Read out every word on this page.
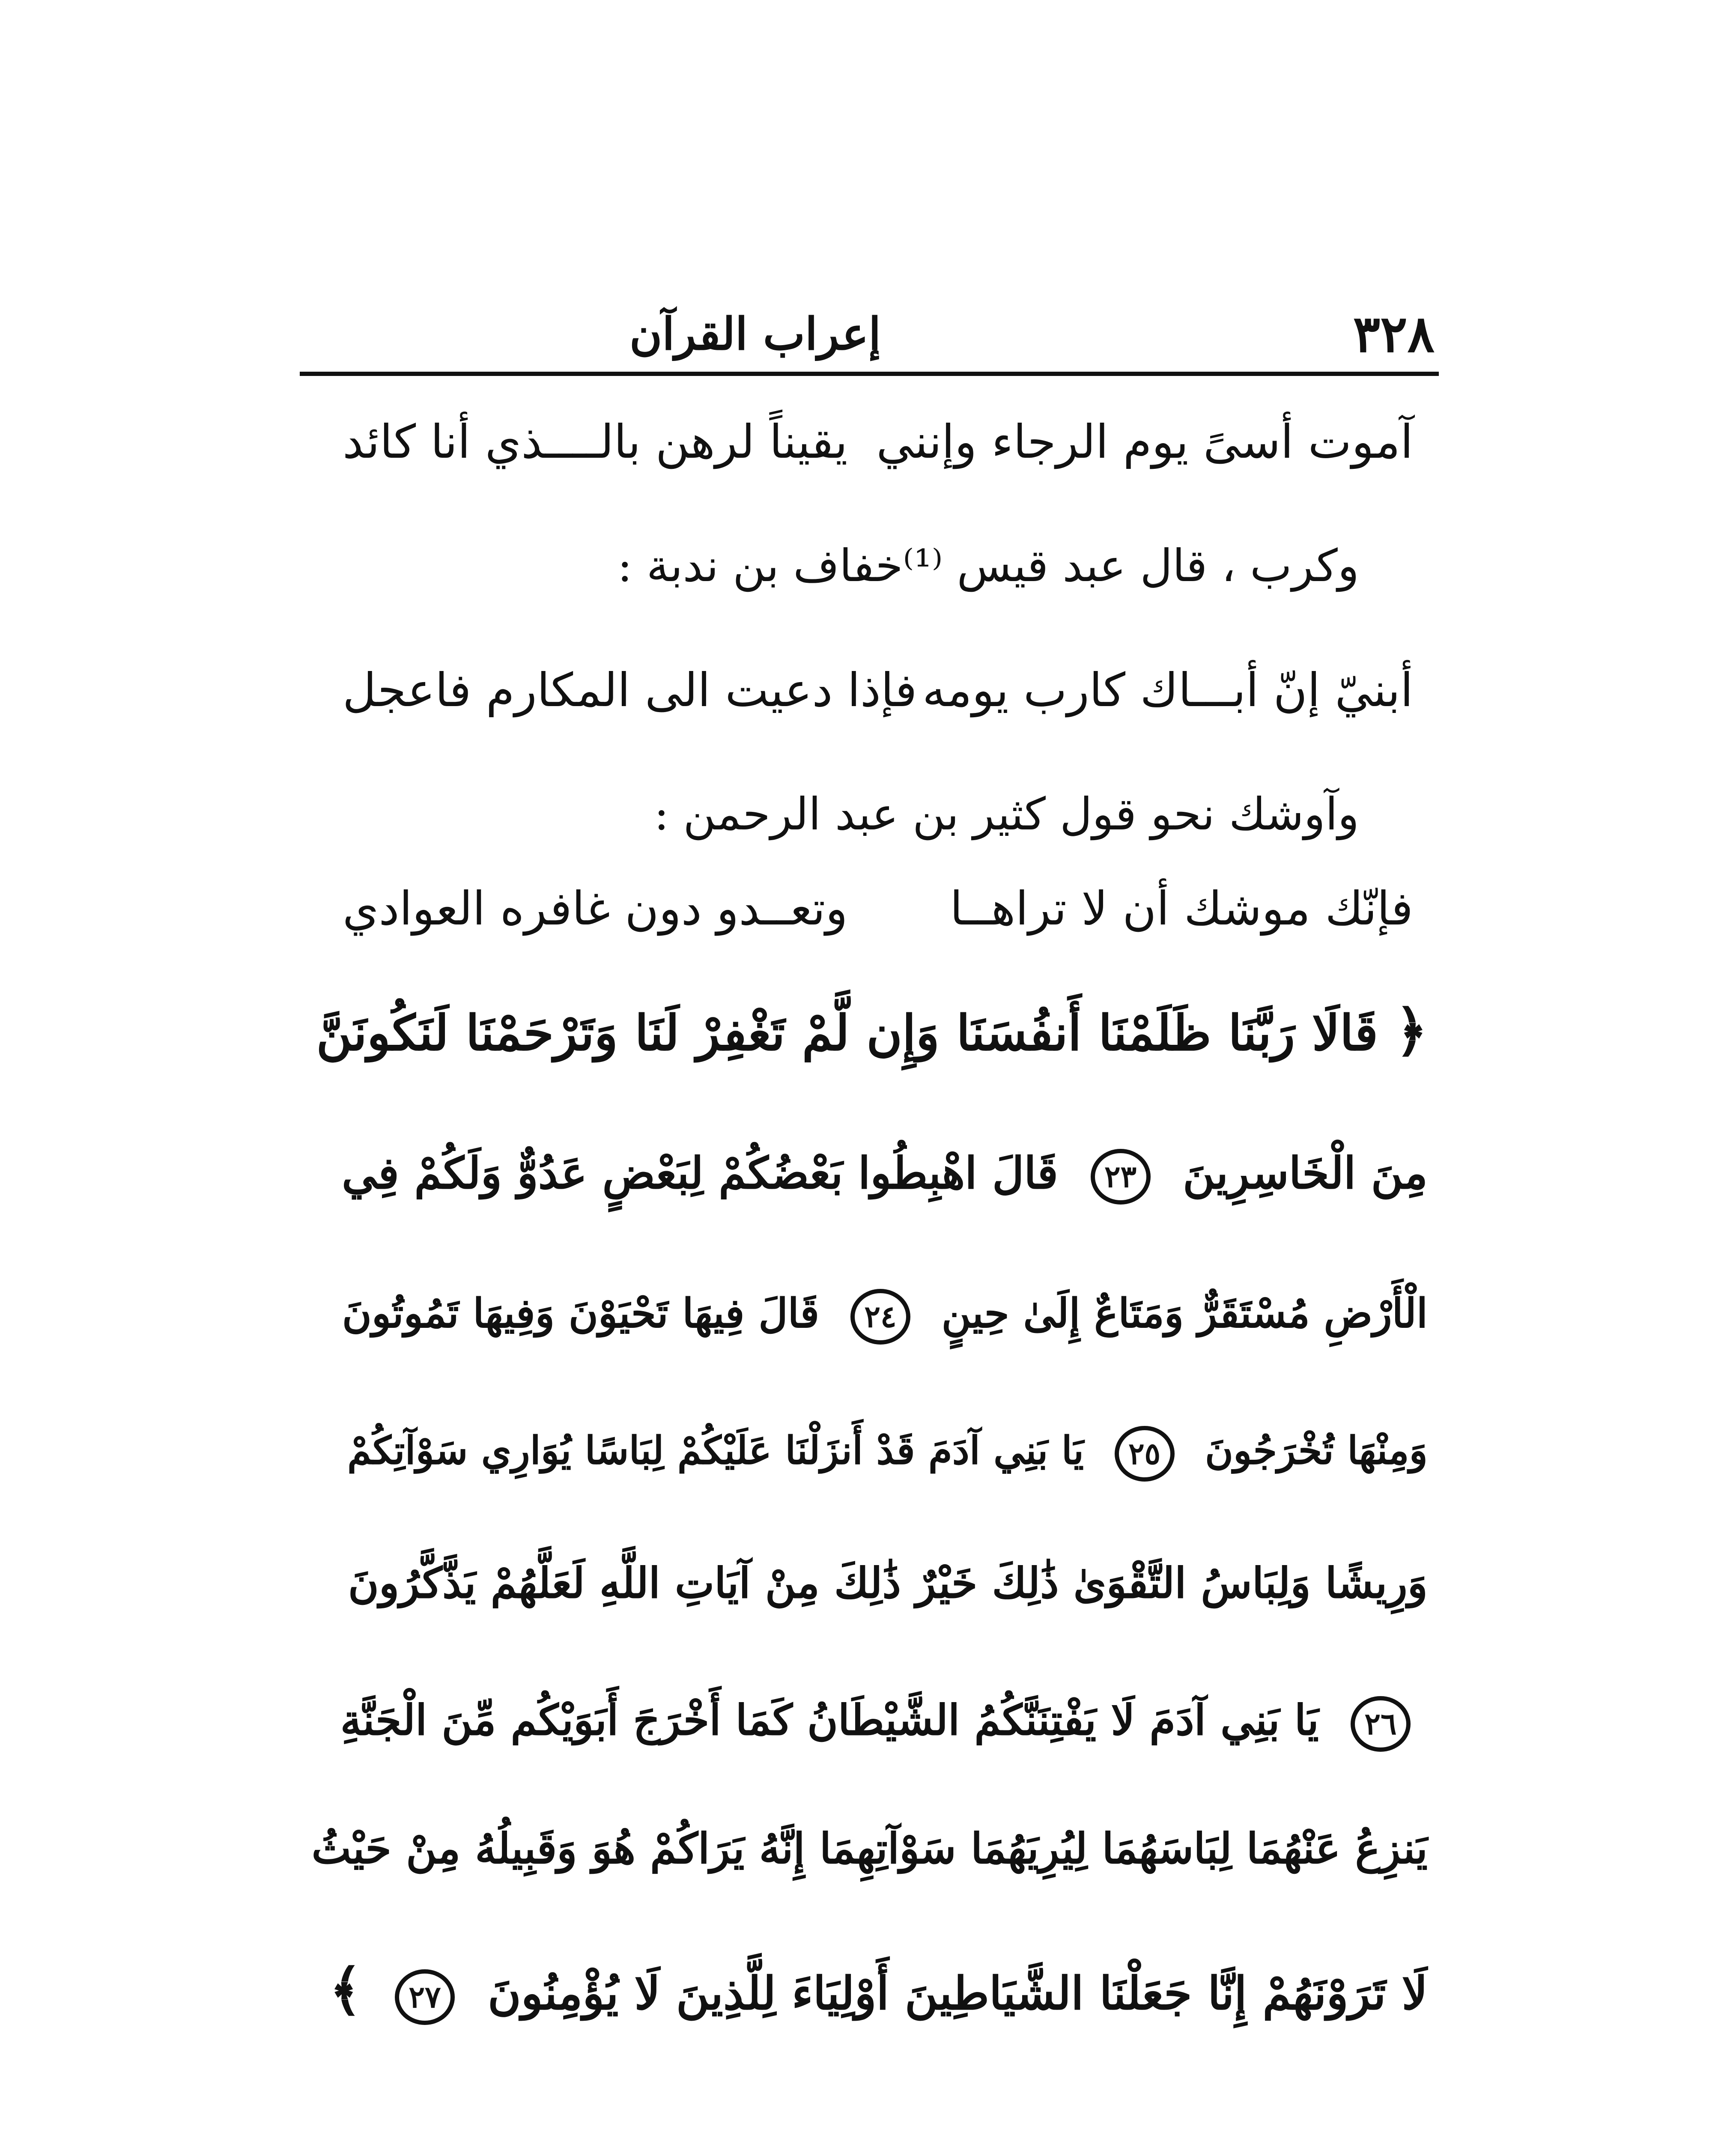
٣٢٨
إعراب القرآن
آموت أسىً يوم الرجاء وإنني
يقيناً لرهن بالــــذي أنا كائد
وكرب ، قال عبد قيس ⁽¹⁾خفاف بن ندبة :
أبنيّ إنّ أبـــاك كارب يومه
فإذا دعيت الى المكارم فاعجل
وآوشك نحو قول كثير بن عبد الرحمن :
فإنّك موشك أن لا تراهــا
وتعــدو دون غافره العوادي
﴿ قَالَا رَبَّنَا ظَلَمْنَا أَنفُسَنَا وَإِن لَّمْ تَغْفِرْ لَنَا وَتَرْحَمْنَا لَنَكُونَنَّ
مِنَ الْخَاسِرِينَ ٢٣ قَالَ اهْبِطُوا بَعْضُكُمْ لِبَعْضٍ عَدُوٌّ وَلَكُمْ فِي
الْأَرْضِ مُسْتَقَرٌّ وَمَتَاعٌ إِلَىٰ حِينٍ ٢٤ قَالَ فِيهَا تَحْيَوْنَ وَفِيهَا تَمُوتُونَ
وَمِنْهَا تُخْرَجُونَ ٢٥ يَا بَنِي آدَمَ قَدْ أَنزَلْنَا عَلَيْكُمْ لِبَاسًا يُوَارِي سَوْآتِكُمْ
وَرِيشًا وَلِبَاسُ التَّقْوَىٰ ذَٰلِكَ خَيْرٌ ذَٰلِكَ مِنْ آيَاتِ اللَّهِ لَعَلَّهُمْ يَذَّكَّرُونَ
٢٦ يَا بَنِي آدَمَ لَا يَفْتِنَنَّكُمُ الشَّيْطَانُ كَمَا أَخْرَجَ أَبَوَيْكُم مِّنَ الْجَنَّةِ
يَنزِعُ عَنْهُمَا لِبَاسَهُمَا لِيُرِيَهُمَا سَوْآتِهِمَا إِنَّهُ يَرَاكُمْ هُوَ وَقَبِيلُهُ مِنْ حَيْثُ
لَا تَرَوْنَهُمْ إِنَّا جَعَلْنَا الشَّيَاطِينَ أَوْلِيَاءَ لِلَّذِينَ لَا يُؤْمِنُونَ ٢٧ ﴾
